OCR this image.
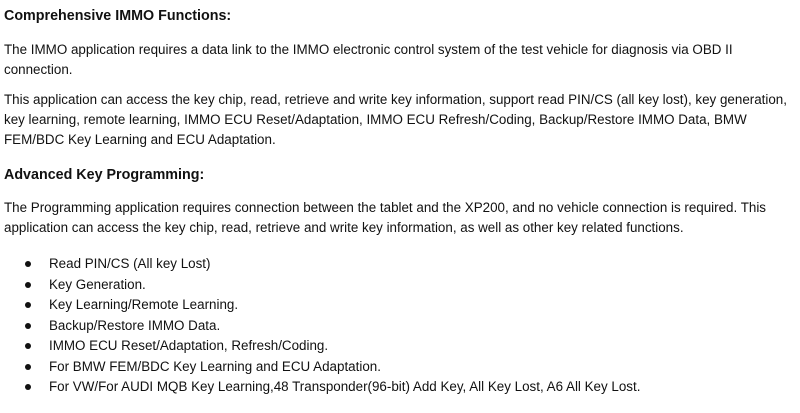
Comprehensive IMMO Functions:

The IMMO application requires a data link to the IMMO electronic control system of the test vehicle for diagnosis via OBD II connection.

This application can access the key chip, read, retrieve and write key information, support read PIN/CS (all key lost), key generation, key learning, remote learning, IMMO ECU Reset/Adaptation, IMMO ECU Refresh/Coding, Backup/Restore IMMO Data, BMW FEM/BDC Key Learning and ECU Adaptation.

Advanced Key Programming:

The Programming application requires connection between the tablet and the XP200, and no vehicle connection is required. This application can access the key chip, read, retrieve and write key information, as well as other key related functions.

Read PIN/CS (All key Lost)
Key Generation.
Key Learning/Remote Learning.
Backup/Restore IMMO Data.
IMMO ECU Reset/Adaptation, Refresh/Coding.
For BMW FEM/BDC Key Learning and ECU Adaptation.
For VW/For AUDI MQB Key Learning,48 Transponder(96-bit) Add Key, All Key Lost, A6 All Key Lost.
